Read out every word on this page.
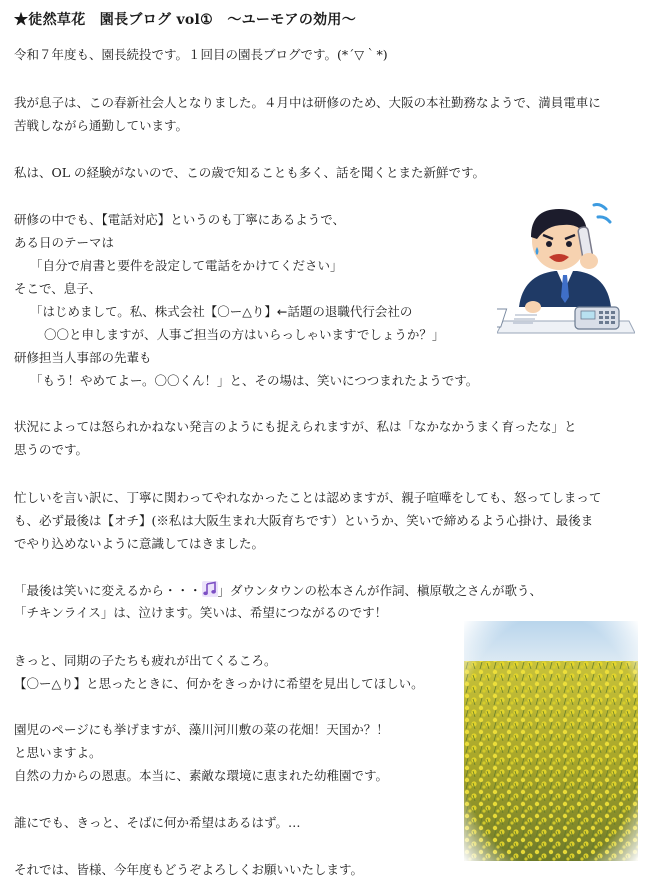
★徒然草花　園長ブログ vol①　～ユーモアの効用～
令和７年度も、園長続投です。１回目の園長ブログです。(*´▽｀*)
我が息子は、この春新社会人となりました。４月中は研修のため、大阪の本社勤務なようで、満員電車に
苦戦しながら通勤しています。
私は、OL の経験がないので、この歳で知ることも多く、話を聞くとまた新鮮です。
研修の中でも、【電話対応】というのも丁寧にあるようで、
ある日のテーマは
「自分で肩書と要件を設定して電話をかけてください」
そこで、息子、
「はじめまして。私、株式会社【〇ー△り】←話題の退職代行会社の
〇〇と申しますが、人事ご担当の方はいらっしゃいますでしょうか？」
研修担当人事部の先輩も
「もう！やめてよー。〇〇くん！」と、その場は、笑いにつつまれたようです。
状況によっては怒られかねない発言のようにも捉えられますが、私は「なかなかうまく育ったな」と
思うのです。
忙しいを言い訳に、丁寧に関わってやれなかったことは認めますが、親子喧嘩をしても、怒ってしまって
も、必ず最後は【オチ】(※私は大阪生まれ大阪育ちです）というか、笑いで締めるよう心掛け、最後ま
でやり込めないように意識してはきました。
「最後は笑いに変えるから・・・ 」ダウンタウンの松本さんが作詞、槇原敬之さんが歌う、
「チキンライス」は、泣けます。笑いは、希望につながるのです！
きっと、同期の子たちも疲れが出てくるころ。
【〇ー△り】と思ったときに、何かをきっかけに希望を見出してほしい。
園児のページにも挙げますが、藻川河川敷の菜の花畑！天国か？！
と思いますよ。
自然の力からの恩恵。本当に、素敵な環境に恵まれた幼稚園です。
誰にでも、きっと、そばに何か希望はあるはず。…
それでは、皆様、今年度もどうぞよろしくお願いいたします。
